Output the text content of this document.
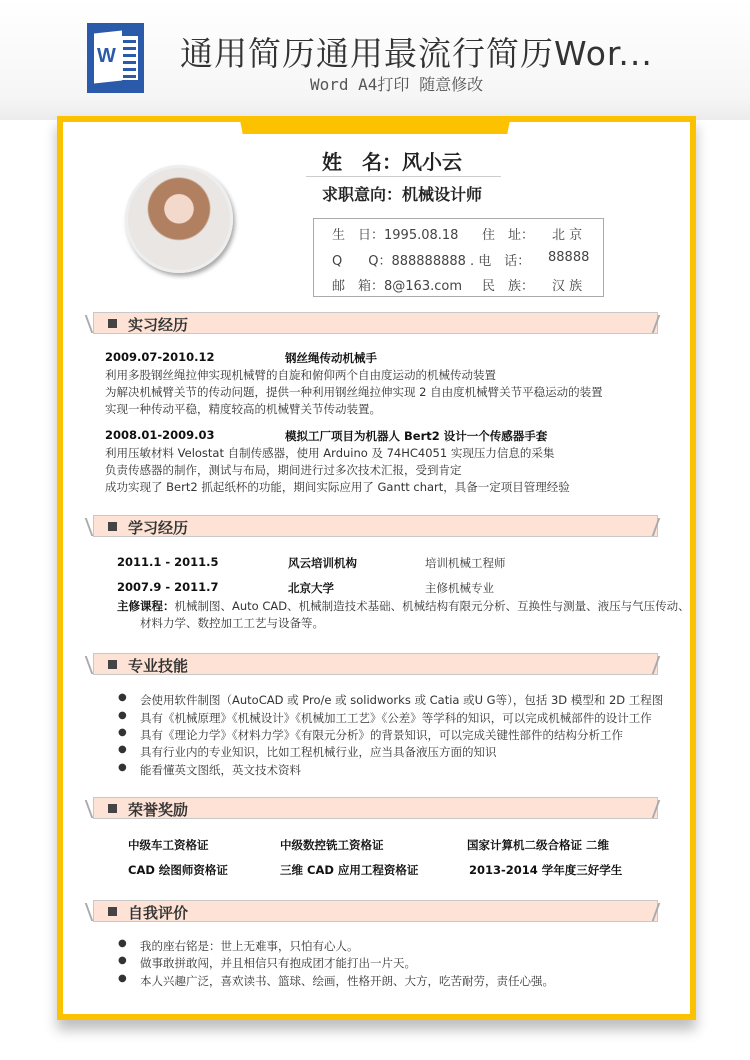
W 通用简历通用最流行简历Wor...
Word A4打印 随意修改
姓　名：风小云
求职意向：机械设计师
生　日：1995.08.18 住　址： 北 京
Q　　Q：888888888 . 电　话： 88888
邮　箱：8@163.com 民　族： 汉 族
实习经历
2009.07-2010.12	钢丝绳传动机械手
利用多股钢丝绳拉伸实现机械臂的自旋和俯仰两个自由度运动的机械传动装置
为解决机械臂关节的传动问题，提供一种利用钢丝绳拉伸实现 2 自由度机械臂关节平稳运动的装置
实现一种传动平稳，精度较高的机械臂关节传动装置。
2008.01-2009.03	模拟工厂项目为机器人 Bert2 设计一个传感器手套
利用压敏材料 Velostat 自制传感器，使用 Arduino 及 74HC4051 实现压力信息的采集
负责传感器的制作，测试与布局，期间进行过多次技术汇报，受到肯定
成功实现了 Bert2 抓起纸杯的功能，期间实际应用了 Gantt chart，具备一定项目管理经验
学习经历
2011.1 - 2011.5	风云培训机构	培训机械工程师
2007.9 - 2011.7	北京大学	主修机械专业
主修课程：机械制图、Auto CAD、机械制造技术基础、机械结构有限元分析、互换性与测量、液压与气压传动、
材料力学、数控加工工艺与设备等。
专业技能
● 会使用软件制图（AutoCAD 或 Pro/e 或 solidworks 或 Catia 或U G等），包括 3D 模型和 2D 工程图
● 具有《机械原理》《机械设计》《机械加工工艺》《公差》等学科的知识，可以完成机械部件的设计工作
● 具有《理论力学》《材料力学》《有限元分析》的背景知识，可以完成关键性部件的结构分析工作
● 具有行业内的专业知识，比如工程机械行业，应当具备液压方面的知识
● 能看懂英文图纸，英文技术资料
荣誉奖励
中级车工资格证	中级数控铣工资格证	国家计算机二级合格证 二维
CAD 绘图师资格证	三维 CAD 应用工程资格证	2013-2014 学年度三好学生
自我评价
● 我的座右铭是：世上无难事，只怕有心人。
● 做事敢拼敢闯，并且相信只有抱成团才能打出一片天。
● 本人兴趣广泛，喜欢读书、篮球、绘画，性格开朗、大方，吃苦耐劳，责任心强。
